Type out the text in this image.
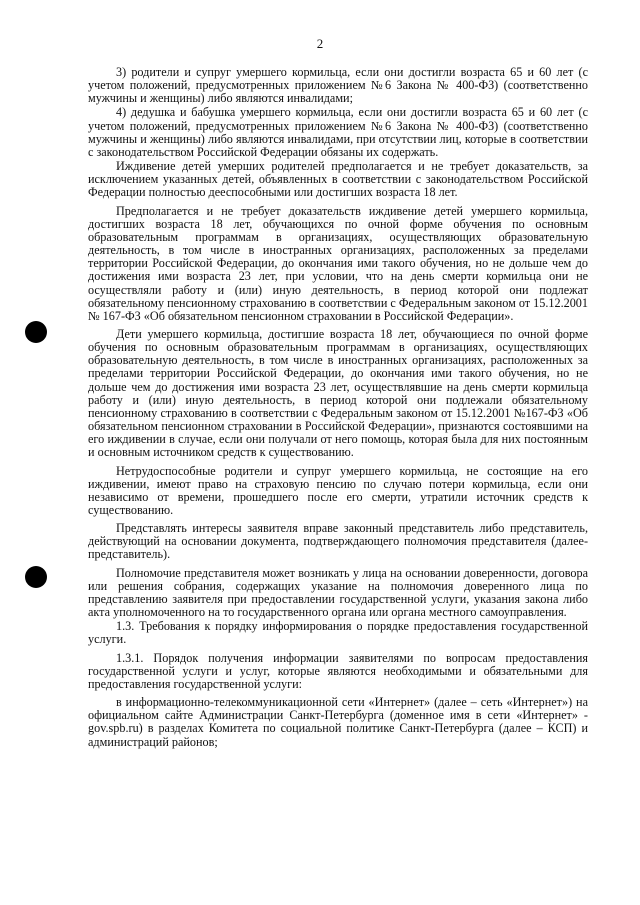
2

3) родители и супруг умершего кормильца, если они достигли возраста 65 и 60 лет (с учетом положений, предусмотренных приложением №6 Закона № 400-ФЗ) (соответственно мужчины и женщины) либо являются инвалидами;

4) дедушка и бабушка умершего кормильца, если они достигли возраста 65 и 60 лет (с учетом положений, предусмотренных приложением №6 Закона № 400-ФЗ) (соответственно мужчины и женщины) либо являются инвалидами, при отсутствии лиц, которые в соответствии с законодательством Российской Федерации обязаны их содержать.

Иждивение детей умерших родителей предполагается и не требует доказательств, за исключением указанных детей, объявленных в соответствии с законодательством Российской Федерации полностью дееспособными или достигших возраста 18 лет.

Предполагается и не требует доказательств иждивение детей умершего кормильца, достигших возраста 18 лет, обучающихся по очной форме обучения по основным образовательным программам в организациях, осуществляющих образовательную деятельность, в том числе в иностранных организациях, расположенных за пределами территории Российской Федерации, до окончания ими такого обучения, но не дольше чем до достижения ими возраста 23 лет, при условии, что на день смерти кормильца они не осуществляли работу и (или) иную деятельность, в период которой они подлежат обязательному пенсионному страхованию в соответствии с Федеральным законом от 15.12.2001 № 167-ФЗ «Об обязательном пенсионном страховании в Российской Федерации».

Дети умершего кормильца, достигшие возраста 18 лет, обучающиеся по очной форме обучения по основным образовательным программам в организациях, осуществляющих образовательную деятельность, в том числе в иностранных организациях, расположенных за пределами территории Российской Федерации, до окончания ими такого обучения, но не дольше чем до достижения ими возраста 23 лет, осуществлявшие на день смерти кормильца работу и (или) иную деятельность, в период которой они подлежали обязательному пенсионному страхованию в соответствии с Федеральным законом от 15.12.2001 №167-ФЗ «Об обязательном пенсионном страховании в Российской Федерации», признаются состоявшими на его иждивении в случае, если они получали от него помощь, которая была для них постоянным и основным источником средств к существованию.

Нетрудоспособные родители и супруг умершего кормильца, не состоящие на его иждивении, имеют право на страховую пенсию по случаю потери кормильца, если они независимо от времени, прошедшего после его смерти, утратили источник средств к существованию.

Представлять интересы заявителя вправе законный представитель либо представитель, действующий на основании документа, подтверждающего полномочия представителя (далее-представитель).

Полномочие представителя может возникать у лица на основании доверенности, договора или решения собрания, содержащих указание на полномочия доверенного лица по представлению заявителя при предоставлении государственной услуги, указания закона либо акта уполномоченного на то государственного органа или органа местного самоуправления.

1.3. Требования к порядку информирования о порядке предоставления государственной услуги.

1.3.1. Порядок получения информации заявителями по вопросам предоставления государственной услуги и услуг, которые являются необходимыми и обязательными для предоставления государственной услуги:

в информационно-телекоммуникационной сети «Интернет» (далее – сеть «Интернет») на официальном сайте Администрации Санкт-Петербурга (доменное имя в сети «Интернет» - gov.spb.ru) в разделах Комитета по социальной политике Санкт-Петербурга (далее – КСП) и администраций районов;
